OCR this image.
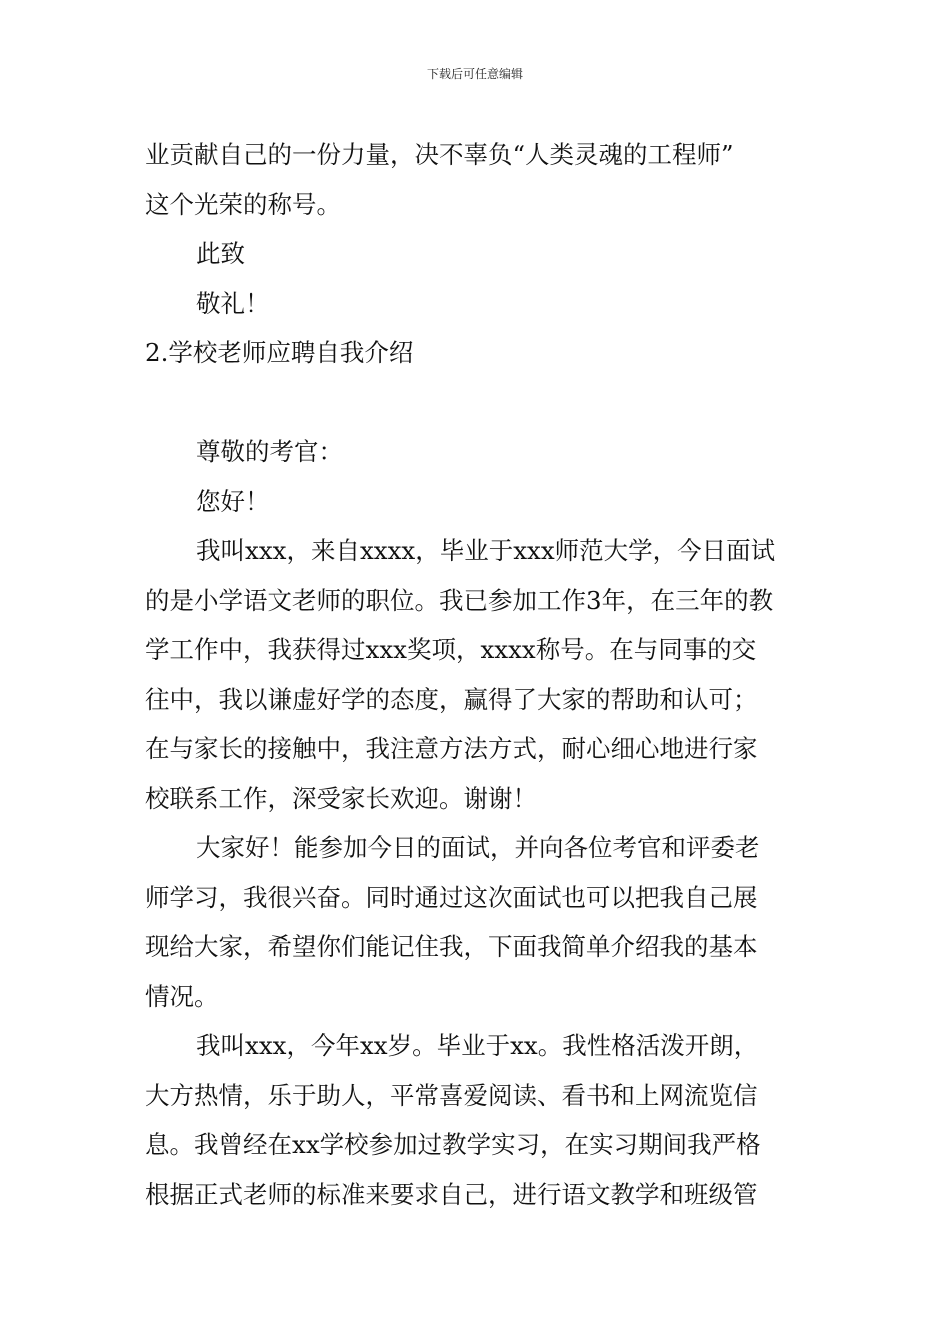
下载后可任意编辑
业贡献自己的一份力量，决不辜负“人类灵魂的工程师”
这个光荣的称号。
此致
敬礼！
2.学校老师应聘自我介绍
尊敬的考官：
您好！
我叫xxx，来自xxxx，毕业于xxx师范大学，今日面试
的是小学语文老师的职位。我已参加工作3年，在三年的教
学工作中，我获得过xxx奖项，xxxx称号。在与同事的交
往中，我以谦虚好学的态度，赢得了大家的帮助和认可；
在与家长的接触中，我注意方法方式，耐心细心地进行家
校联系工作，深受家长欢迎。谢谢！
大家好！能参加今日的面试，并向各位考官和评委老
师学习，我很兴奋。同时通过这次面试也可以把我自己展
现给大家，希望你们能记住我，下面我简单介绍我的基本
情况。
我叫xxx，今年xx岁。毕业于xx。我性格活泼开朗，
大方热情，乐于助人，平常喜爱阅读、看书和上网流览信
息。我曾经在xx学校参加过教学实习，在实习期间我严格
根据正式老师的标准来要求自己，进行语文教学和班级管
